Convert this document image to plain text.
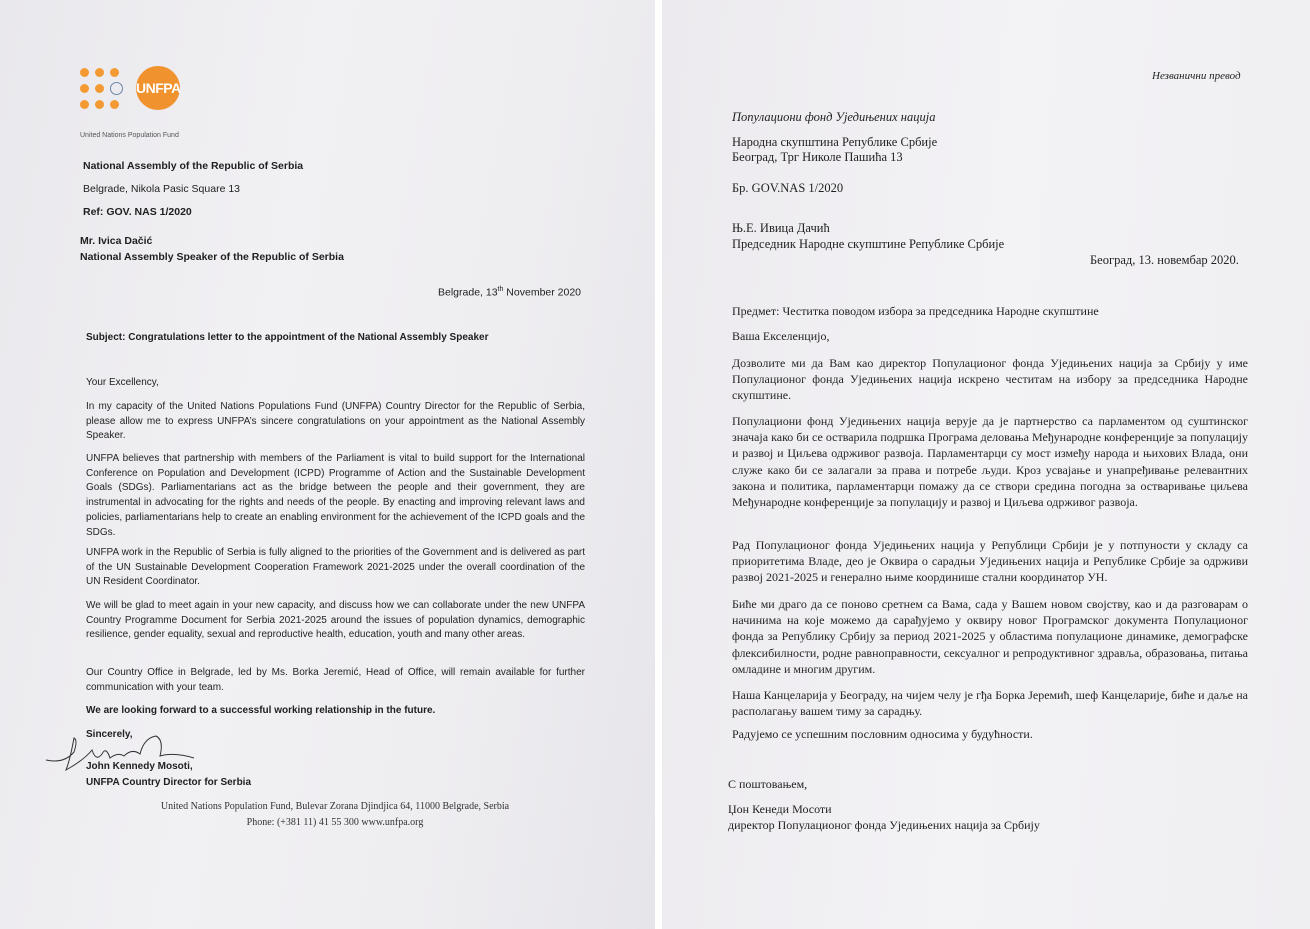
UNFPA
United Nations Population Fund
National Assembly of the Republic of Serbia
Belgrade, Nikola Pasic Square 13
Ref: GOV. NAS 1/2020
Mr. Ivica Dačić
National Assembly Speaker of the Republic of Serbia
Belgrade, 13th November 2020
Subject: Congratulations letter to the appointment of the National Assembly Speaker
Your Excellency,

In my capacity of the United Nations Populations Fund (UNFPA) Country Director for the Republic of Serbia, please allow me to express UNFPA’s sincere congratulations on your appointment as the National Assembly Speaker.

UNFPA believes that partnership with members of the Parliament is vital to build support for the International Conference on Population and Development (ICPD) Programme of Action and the Sustainable Development Goals (SDGs). Parliamentarians act as the bridge between the people and their government, they are instrumental in advocating for the rights and needs of the people. By enacting and improving relevant laws and policies, parliamentarians help to create an enabling environment for the achievement of the ICPD goals and the SDGs.

UNFPA work in the Republic of Serbia is fully aligned to the priorities of the Government and is delivered as part of the UN Sustainable Development Cooperation Framework 2021-2025 under the overall coordination of the UN Resident Coordinator.

We will be glad to meet again in your new capacity, and discuss how we can collaborate under the new UNFPA Country Programme Document for Serbia 2021-2025 around the issues of population dynamics, demographic resilience, gender equality, sexual and reproductive health, education, youth and many other areas.

Our Country Office in Belgrade, led by Ms. Borka Jeremić, Head of Office, will remain available for further communication with your team.

We are looking forward to a successful working relationship in the future.
Sincerely,
John Kennedy Mosoti,
UNFPA Country Director for Serbia
United Nations Population Fund, Bulevar Zorana Djindjica 64, 11000 Belgrade, Serbia
Phone: (+381 11) 41 55 300 www.unfpa.org
Незванични превод
Популациони фонд Уједињених нација
Народна скупштина Републике Србије
Београд, Трг Николе Пашића 13
Бр. GOV.NAS 1/2020
Њ.Е. Ивица Дачић
Председник Народне скупштине Републике Србије
Београд, 13. новембар 2020.
Предмет: Честитка поводом избора за председника Народне скупштине
Ваша Екселенцијо,

Дозволите ми да Вам као директор Популационог фонда Уједињених нација за Србију у име Популационог фонда Уједињених нација искрено честитам на избору за председника Народне скупштине.

Популациони фонд Уједињених нација верује да је партнерство са парламентом од суштинског значаја како би се остварила подршка Програма деловања Међународне конференције за популацију и развој и Циљева одрживог развоја. Парламентарци су мост између народа и њихових Влада, они служе како би се залагали за права и потребе људи. Кроз усвајање и унапређивање релевантних закона и политика, парламентарци помажу да се створи средина погодна за остваривање циљева Међународне конференције за популацију и развој и Циљева одрживог развоја.

Рад Популационог фонда Уједињених нација у Републици Србији је у потпуности у складу са приоритетима Владе, део је Оквира о сарадњи Уједињених нација и Републике Србије за одрживи развој 2021-2025 и генерално њиме координише стални координатор УН.

Биће ми драго да се поново сретнем са Вама, сада у Вашем новом својству, као и да разговарам о начинима на које можемо да сарађујемо у оквиру новог Програмског документа Популационог фонда за Републику Србију за период 2021-2025 у областима популационе динамике, демографске флексибилности, родне равноправности, сексуалног и репродуктивног здравља, образовања, питања омладине и многим другим.

Наша Канцеларија у Београду, на чијем челу је гђа Борка Јеремић, шеф Канцеларије, биће и даље на располагању вашем тиму за сарадњу.

Радујемо се успешним пословним односима у будућности.
С поштовањем,
Џон Кенеди Мосоти
директор Популационог фонда Уједињених нација за Србију
